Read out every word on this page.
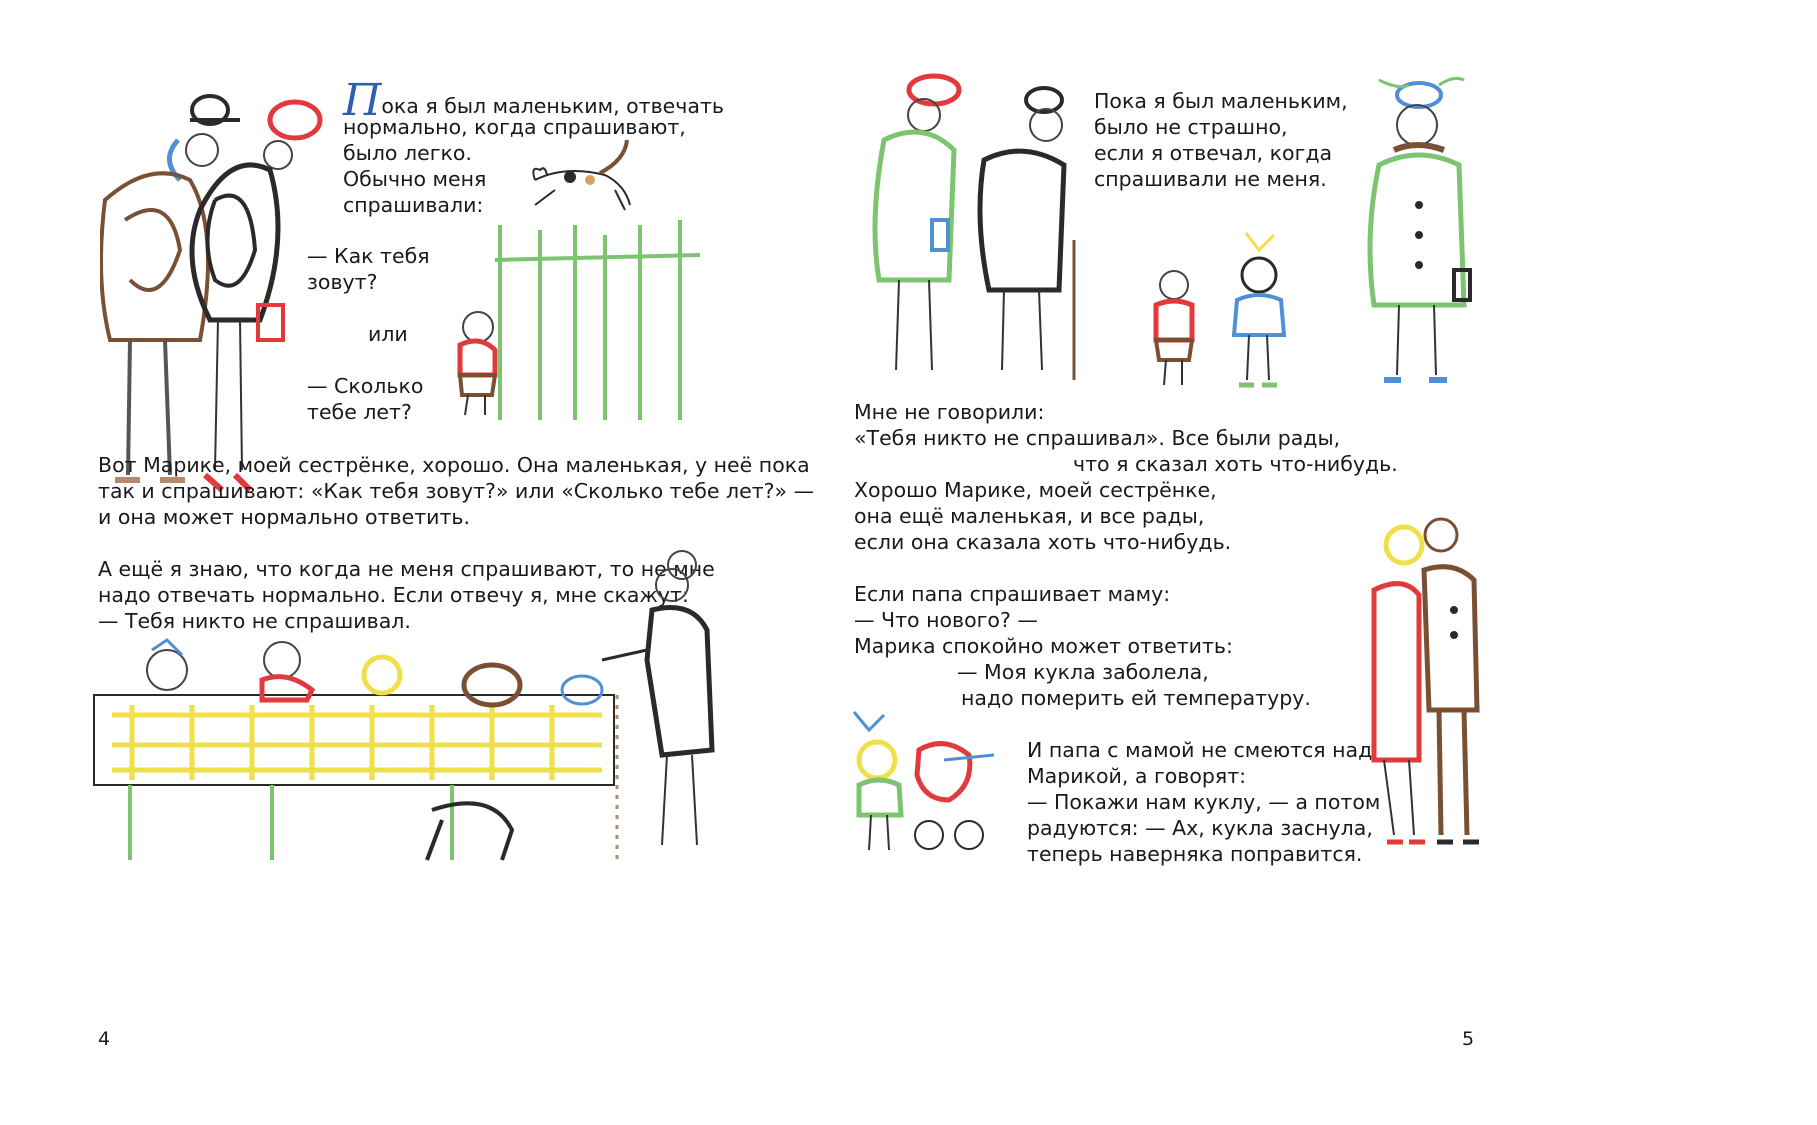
Пока я был маленьким, отвечать

нормально, когда спрашивают,

было легко.

Обычно меня

спрашивали:

— Как тебя

зовут?

или

— Сколько

тебе лет?

Вот Марике, моей сестрёнке, хорошо. Она маленькая, у неё пока

так и спрашивают: «Как тебя зовут?» или «Сколько тебе лет?» —

и она может нормально ответить.

А ещё я знаю, что когда не меня спрашивают, то не мне

надо отвечать нормально. Если отвечу я, мне скажут:

— Тебя никто не спрашивал.

4

Пока я был маленьким,

было не страшно,

если я отвечал, когда

спрашивали не меня.

Мне не говорили:

«Тебя никто не спрашивал». Все были рады,

что я сказал хоть что-нибудь.

Хорошо Марике, моей сестрёнке,

она ещё маленькая, и все рады,

если она сказала хоть что-нибудь.

Если папа спрашивает маму:

— Что нового? —

Марика спокойно может ответить:

— Моя кукла заболела,

надо померить ей температуру.

И папа с мамой не смеются над

Марикой, а говорят:

— Покажи нам куклу, — а потом

радуются: — Ах, кукла заснула,

теперь наверняка поправится.

5
